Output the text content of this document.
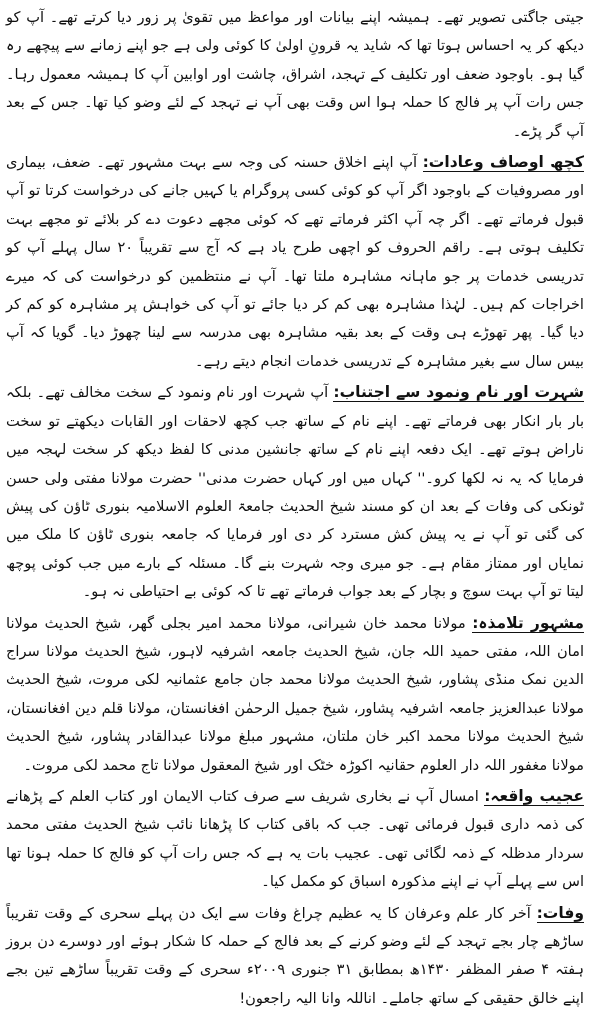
جیتی جاگتی تصویر تھے۔ ہمیشہ اپنے بیانات اور مواعظ میں تقویٰ پر زور دیا کرتے تھے۔ آپ کو دیکھ کر یہ احساس ہوتا تھا کہ شاید یہ قرونِ اولیٰ کا کوئی ولی ہے جو اپنے زمانے سے پیچھے رہ گیا ہو۔ باوجود ضعف اور تکلیف کے تہجد، اشراق، چاشت اور اوابین آپ کا ہمیشہ معمول رہا۔ جس رات آپ پر فالج کا حملہ ہوا اس وقت بھی آپ نے تہجد کے لئے وضو کیا تھا۔ جس کے بعد آپ گر پڑے۔

کچھ اوصاف وعادات: آپ اپنے اخلاق حسنہ کی وجہ سے بہت مشہور تھے۔ ضعف، بیماری اور مصروفیات کے باوجود اگر آپ کو کوئی کسی پروگرام یا کہیں جانے کی درخواست کرتا تو آپ قبول فرماتے تھے۔ اگر چہ آپ اکثر فرماتے تھے کہ کوئی مجھے دعوت دے کر بلائے تو مجھے بہت تکلیف ہوتی ہے۔ راقم الحروف کو اچھی طرح یاد ہے کہ آج سے تقریباً ۲۰ سال پہلے آپ کو تدریسی خدمات پر جو ماہانہ مشاہرہ ملتا تھا۔ آپ نے منتظمین کو درخواست کی کہ میرے اخراجات کم ہیں۔ لہٰذا مشاہرہ بھی کم کر دیا جائے تو آپ کی خواہش پر مشاہرہ کو کم کر دیا گیا۔ پھر تھوڑے ہی وقت کے بعد بقیہ مشاہرہ بھی مدرسہ سے لینا چھوڑ دیا۔ گویا کہ آپ بیس سال سے بغیر مشاہرہ کے تدریسی خدمات انجام دیتے رہے۔

شہرت اور نام ونمود سے اجتناب: آپ شہرت اور نام ونمود کے سخت مخالف تھے۔ بلکہ بار بار انکار بھی فرماتے تھے۔ اپنے نام کے ساتھ جب کچھ لاحقات اور القابات دیکھتے تو سخت ناراض ہوتے تھے۔ ایک دفعہ اپنے نام کے ساتھ جانشین مدنی کا لفظ دیکھ کر سخت لہجہ میں فرمایا کہ یہ نہ لکھا کرو۔'' کہاں میں اور کہاں حضرت مدنی'' حضرت مولانا مفتی ولی حسن ٹونکی کی وفات کے بعد ان کو مسند شیخ الحدیث جامعۃ العلوم الاسلامیہ بنوری ٹاؤن کی پیش کی گئی تو آپ نے یہ پیش کش مسترد کر دی اور فرمایا کہ جامعہ بنوری ٹاؤن کا ملک میں نمایاں اور ممتاز مقام ہے۔ جو میری وجہ شہرت بنے گا۔ مسئلہ کے بارے میں جب کوئی پوچھ لیتا تو آپ بہت سوچ و بچار کے بعد جواب فرماتے تھے تا کہ کوئی بے احتیاطی نہ ہو۔

مشہور تلامذہ: مولانا محمد خان شیرانی، مولانا محمد امیر بجلی گھر، شیخ الحدیث مولانا امان اللہ، مفتی حمید اللہ جان، شیخ الحدیث جامعہ اشرفیہ لاہور، شیخ الحدیث مولانا سراج الدین نمک منڈی پشاور، شیخ الحدیث مولانا محمد جان جامع عثمانیہ لکی مروت، شیخ الحدیث مولانا عبدالعزیز جامعہ اشرفیہ پشاور، شیخ جمیل الرحمٰن افغانستان، مولانا قلم دین افغانستان، شیخ الحدیث مولانا محمد اکبر خان ملتان، مشہور مبلغ مولانا عبدالقادر پشاور، شیخ الحدیث مولانا مغفور اللہ دار العلوم حقانیہ اکوڑہ خٹک اور شیخ المعقول مولانا تاج محمد لکی مروت۔

عجیب واقعہ: امسال آپ نے بخاری شریف سے صرف کتاب الایمان اور کتاب العلم کے پڑھانے کی ذمہ داری قبول فرمائی تھی۔ جب کہ باقی کتاب کا پڑھانا نائب شیخ الحدیث مفتی محمد سردار مدظلہ کے ذمہ لگائی تھی۔ عجیب بات یہ ہے کہ جس رات آپ کو فالج کا حملہ ہونا تھا اس سے پہلے آپ نے اپنے مذکورہ اسباق کو مکمل کیا۔

وفات: آخر کار علم وعرفان کا یہ عظیم چراغ وفات سے ایک دن پہلے سحری کے وقت تقریباً ساڑھے چار بجے تہجد کے لئے وضو کرنے کے بعد فالج کے حملہ کا شکار ہوئے اور دوسرے دن بروز ہفتہ ۴ صفر المظفر ۱۴۳۰ھ بمطابق ۳۱ جنوری ۲۰۰۹ء سحری کے وقت تقریباً ساڑھے تین بجے اپنے خالق حقیقی کے ساتھ جاملے۔ اناللہ وانا الیہ راجعون!
